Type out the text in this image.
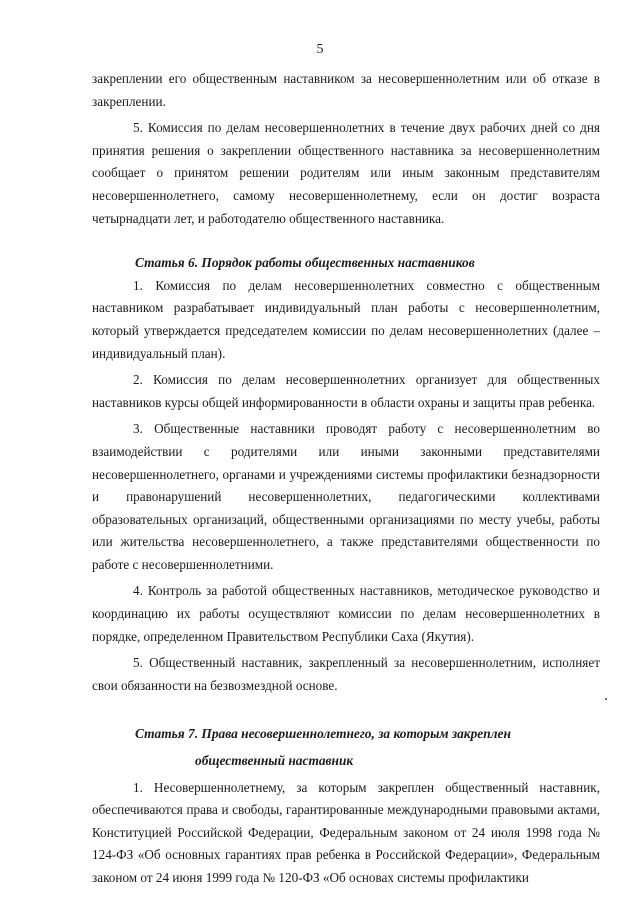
5

закреплении его общественным наставником за несовершеннолетним или об отказе в закреплении.

5. Комиссия по делам несовершеннолетних в течение двух рабочих дней со дня принятия решения о закреплении общественного наставника за несовершеннолетним сообщает о принятом решении родителям или иным законным представителям несовершеннолетнего, самому несовершеннолетнему, если он достиг возраста четырнадцати лет, и работодателю общественного наставника.

Статья 6. Порядок работы общественных наставников

1. Комиссия по делам несовершеннолетних совместно с общественным наставником разрабатывает индивидуальный план работы с несовершеннолетним, который утверждается председателем комиссии по делам несовершеннолетних (далее – индивидуальный план).

2. Комиссия по делам несовершеннолетних организует для общественных наставников курсы общей информированности в области охраны и защиты прав ребенка.

3. Общественные наставники проводят работу с несовершеннолетним во взаимодействии с родителями или иными законными представителями несовершеннолетнего, органами и учреждениями системы профилактики безнадзорности и правонарушений несовершеннолетних, педагогическими коллективами образовательных организаций, общественными организациями по месту учебы, работы или жительства несовершеннолетнего, а также представителями общественности по работе с несовершеннолетними.

4. Контроль за работой общественных наставников, методическое руководство и координацию их работы осуществляют комиссии по делам несовершеннолетних в порядке, определенном Правительством Республики Саха (Якутия).

5. Общественный наставник, закрепленный за несовершеннолетним, исполняет свои обязанности на безвозмездной основе.

Статья 7. Права несовершеннолетнего, за которым закреплен

общественный наставник

1. Несовершеннолетнему, за которым закреплен общественный наставник, обеспечиваются права и свободы, гарантированные международными правовыми актами, Конституцией Российской Федерации, Федеральным законом от 24 июля 1998 года № 124-ФЗ «Об основных гарантиях прав ребенка в Российской Федерации», Федеральным законом от 24 июня 1999 года № 120-ФЗ «Об основах системы профилактики
